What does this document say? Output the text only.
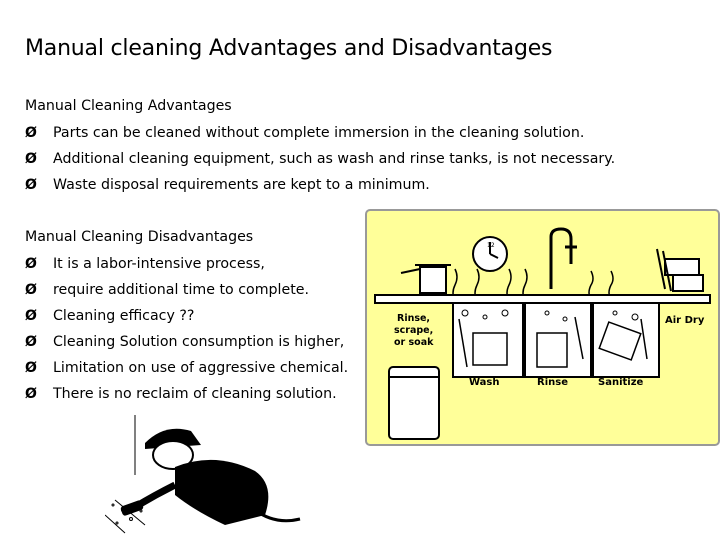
Manual cleaning Advantages and Disadvantages
Manual Cleaning Advantages
Ø Parts can be cleaned without complete immersion in the cleaning solution.
Ø Additional cleaning equipment, such as wash and rinse tanks, is not necessary.
Ø Waste disposal requirements are kept to a minimum.
Manual Cleaning Disadvantages
Ø It is a labor-intensive process,
Ø require additional time to complete.
Ø Cleaning efficacy ??
Ø Cleaning Solution consumption is higher,
Ø Limitation on use of aggressive chemical.
Ø There is no reclaim of cleaning solution.
12
Rinse,
scrape,
or soak
Wash	Rinse	Sanitize
Air Dry
